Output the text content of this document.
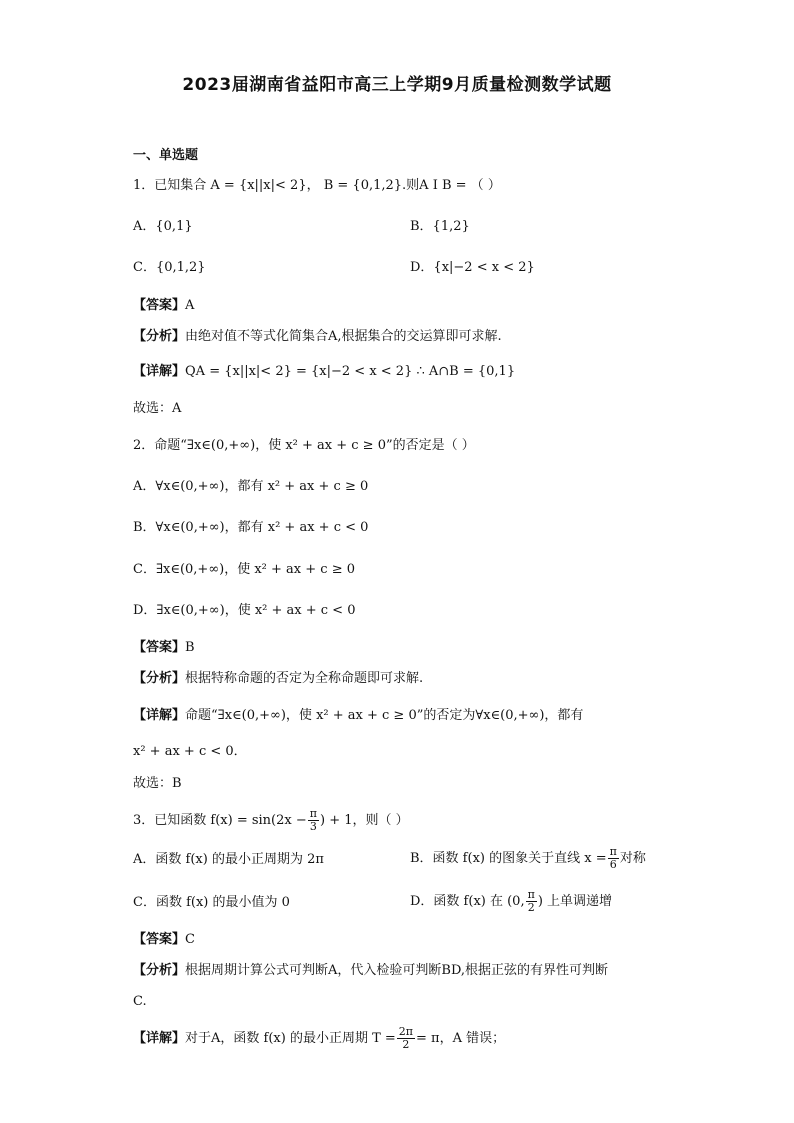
2023届湖南省益阳市高三上学期9月质量检测数学试题
一、单选题
1．已知集合 A = {x||x|< 2}， B = {0,1,2}.则A I B = （ ）
A．{0,1}	B．{1,2}
C．{0,1,2}	D．{x|−2 < x < 2}
【答案】A
【分析】由绝对值不等式化简集合A,根据集合的交运算即可求解.
【详解】QA = {x||x|< 2} = {x|−2 < x < 2} ∴ A∩B = {0,1}
故选：A
2．命题“∃x∈(0,+∞)，使 x² + ax + c ≥ 0”的否定是（ ）
A．∀x∈(0,+∞)，都有 x² + ax + c ≥ 0
B．∀x∈(0,+∞)，都有 x² + ax + c < 0
C．∃x∈(0,+∞)，使 x² + ax + c ≥ 0
D．∃x∈(0,+∞)，使 x² + ax + c < 0
【答案】B
【分析】根据特称命题的否定为全称命题即可求解.
【详解】命题“∃x∈(0,+∞)，使 x² + ax + c ≥ 0”的否定为∀x∈(0,+∞)，都有
x² + ax + c < 0．
故选：B
3．已知函数 $f(x) = \sin(2x - \frac{\pi}{3}$ ) + 1，则（ ）
A．函数 f(x) 的最小正周期为 2π	B．函数 f(x) 的图象关于直线 $x = \frac{\pi}{6}$ 对称
C．函数 f(x) 的最小值为 0	D．函数 f(x) 在 (0, $\frac{\pi}{2}$ ) 上单调递增
【答案】C
【分析】根据周期计算公式可判断A，代入检验可判断BD,根据正弦的有界性可判断
C.
【详解】对于A，函数 f(x) 的最小正周期 $T = \frac{2\pi}{2} = \pi$，A 错误；
